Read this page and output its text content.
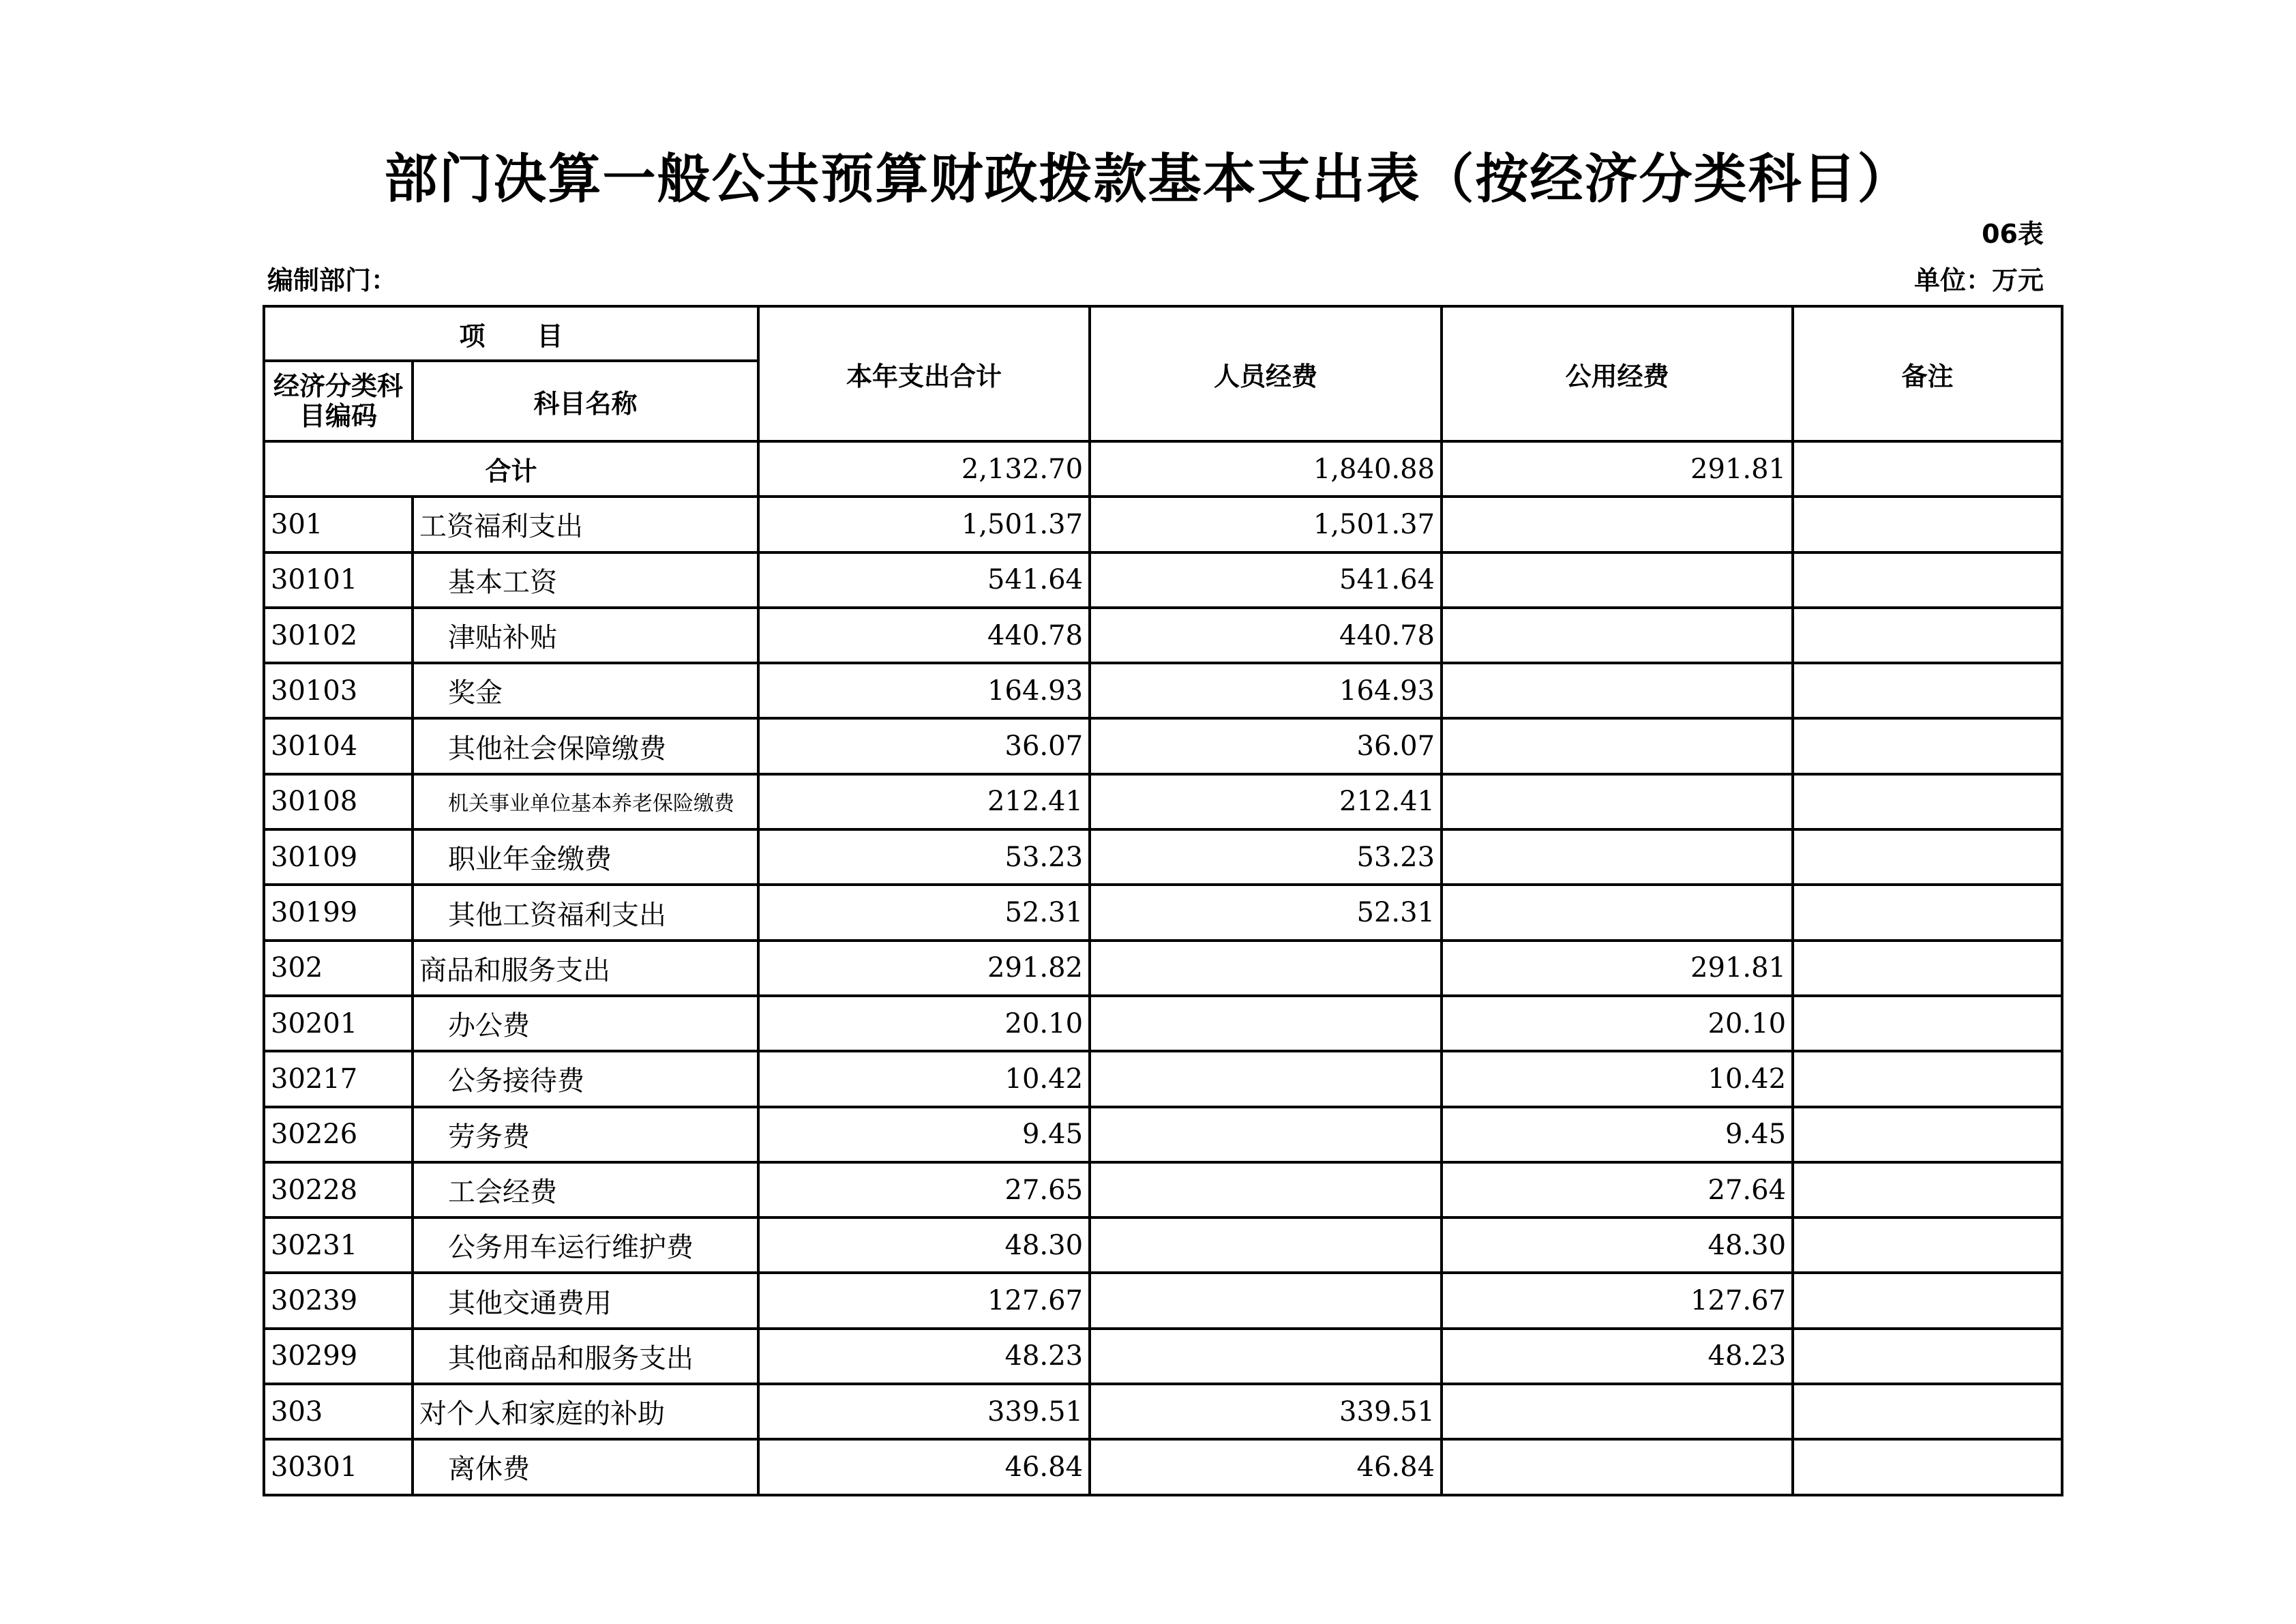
部门决算一般公共预算财政拨款基本支出表（按经济分类科目）
06表
编制部门：	单位：万元
项　　目		本年支出合计	人员经费	公用经费	备注
经济分类科目编码	科目名称				
合计		2,132.70	1,840.88	291.81	
301	工资福利支出	1,501.37	1,501.37		
30101	基本工资	541.64	541.64		
30102	津贴补贴	440.78	440.78		
30103	奖金	164.93	164.93		
30104	其他社会保障缴费	36.07	36.07		
30108	机关事业单位基本养老保险缴费	212.41	212.41		
30109	职业年金缴费	53.23	53.23		
30199	其他工资福利支出	52.31	52.31		
302	商品和服务支出	291.82		291.81	
30201	办公费	20.10		20.10	
30217	公务接待费	10.42		10.42	
30226	劳务费	9.45		9.45	
30228	工会经费	27.65		27.64	
30231	公务用车运行维护费	48.30		48.30	
30239	其他交通费用	127.67		127.67	
30299	其他商品和服务支出	48.23		48.23	
303	对个人和家庭的补助	339.51	339.51		
30301	离休费	46.84	46.84		
